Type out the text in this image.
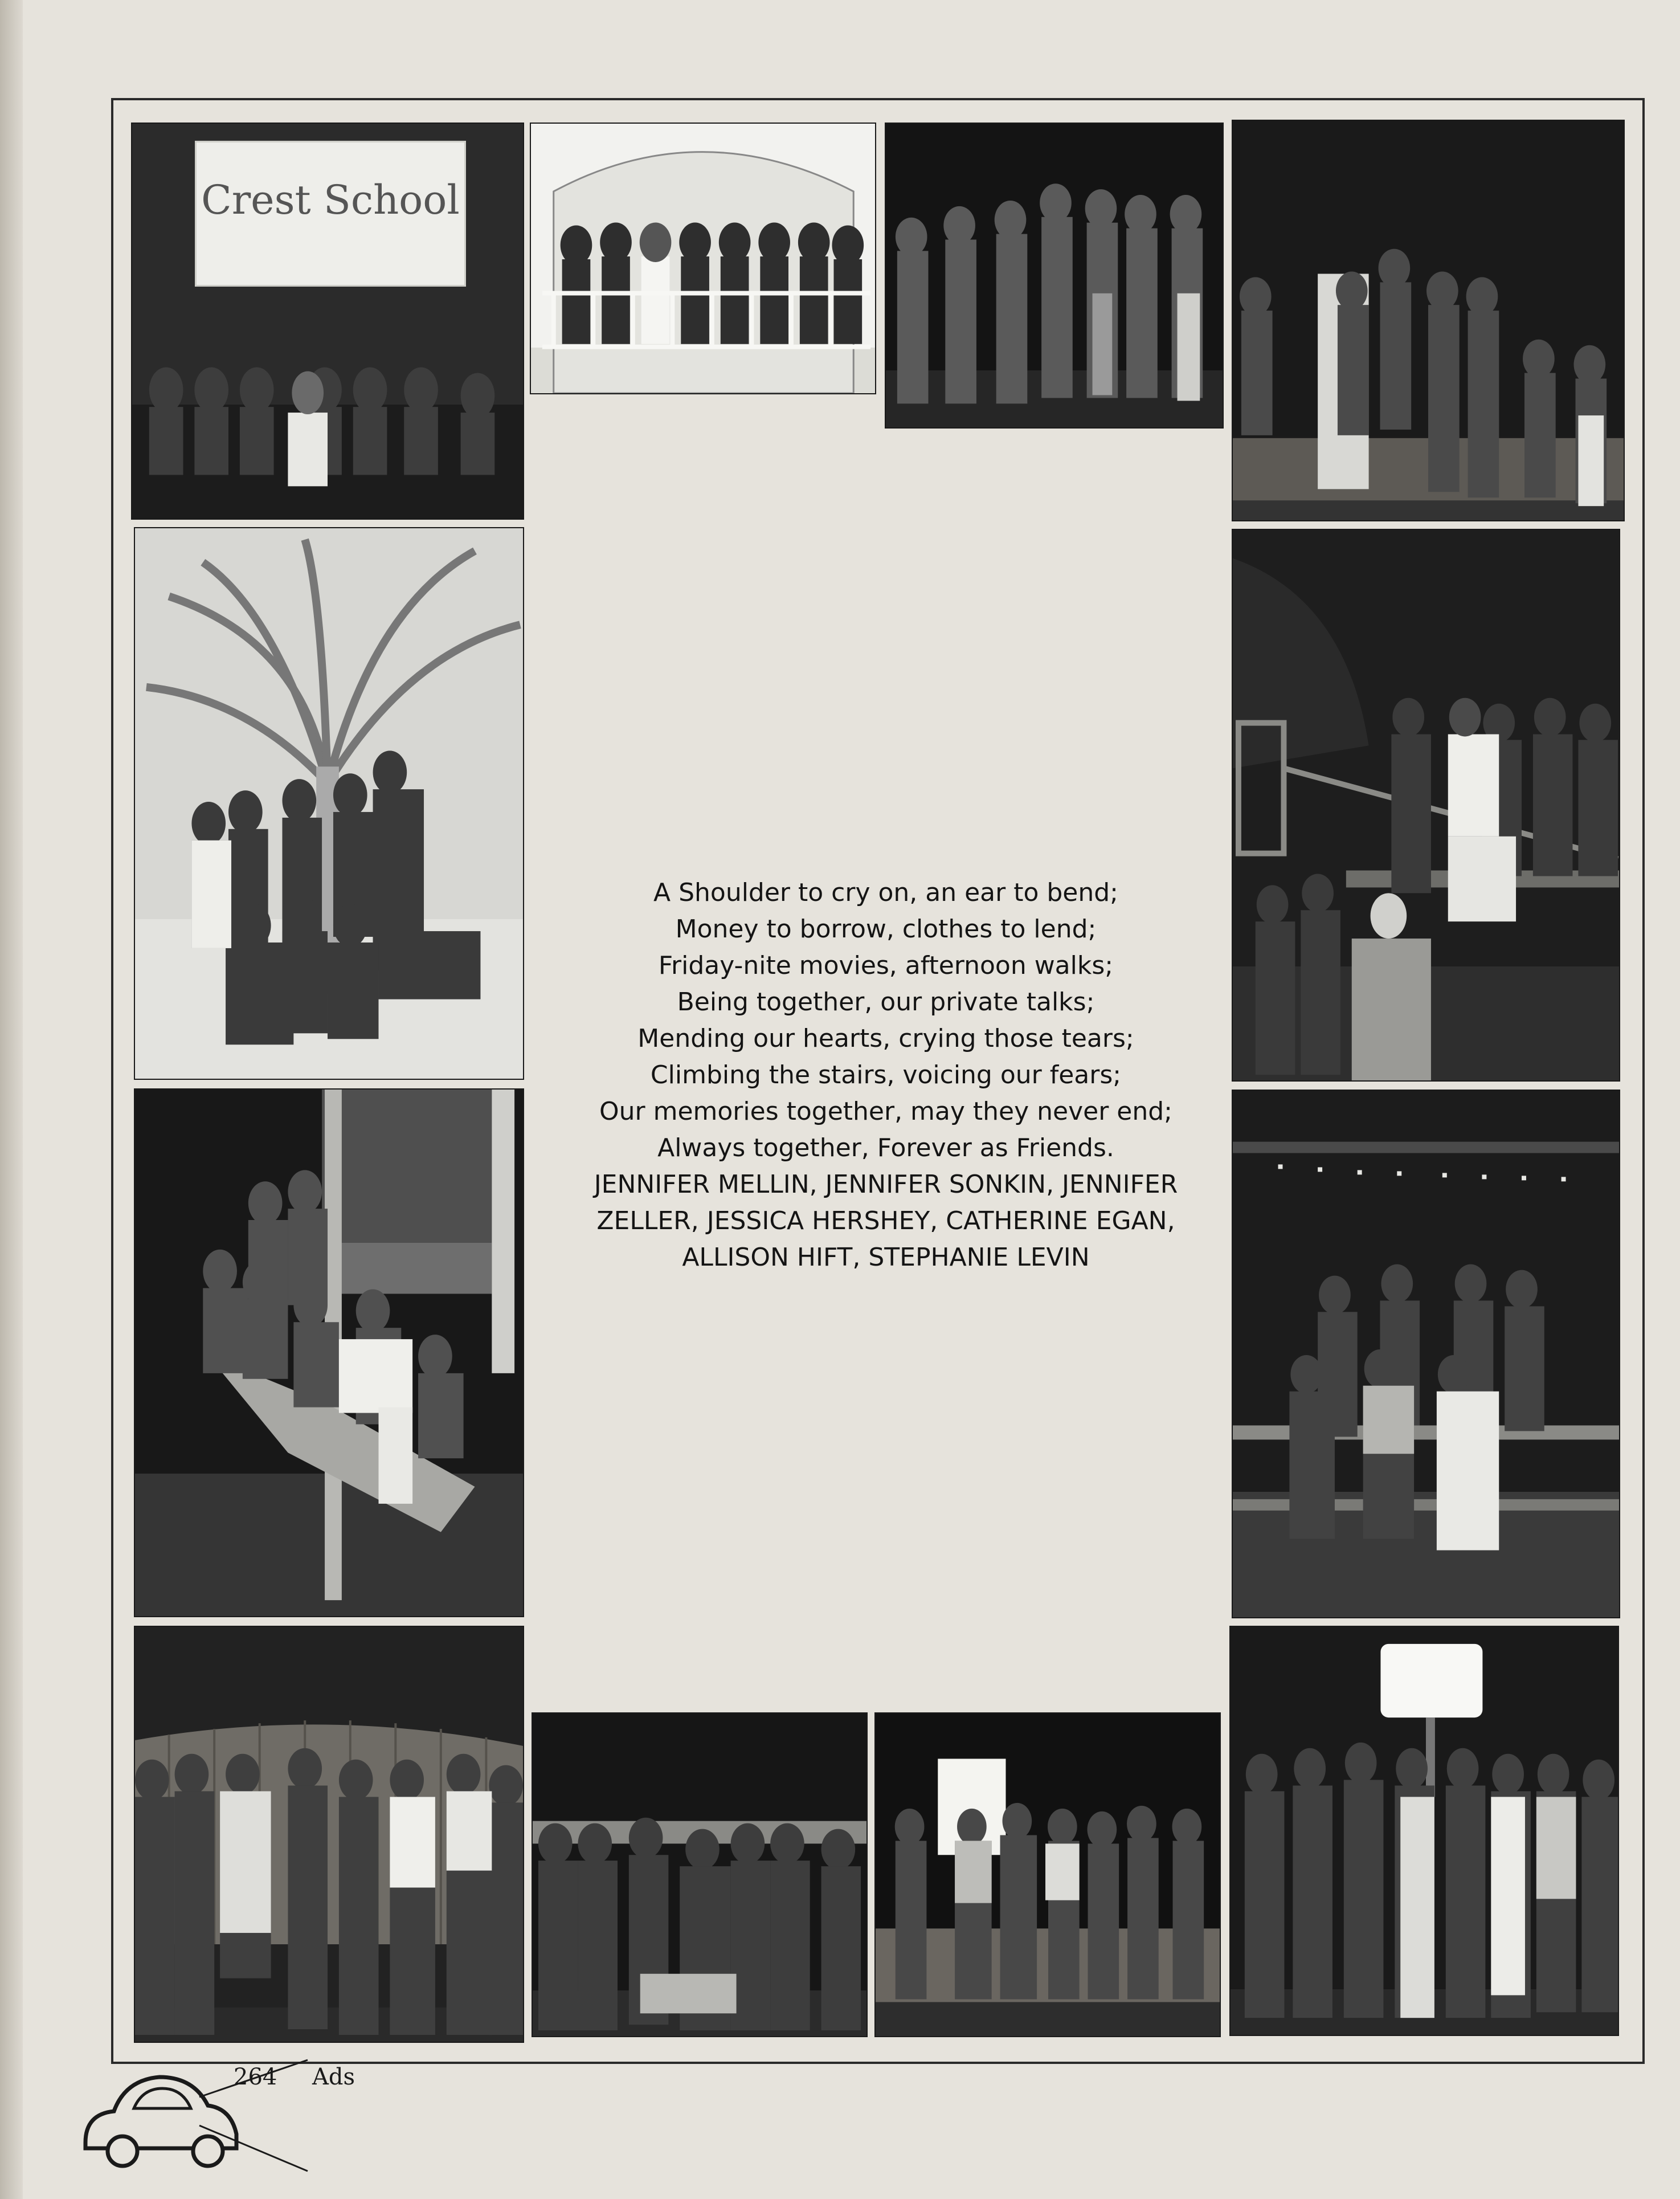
Crest School
A Shoulder to cry on, an ear to bend;
Money to borrow, clothes to lend;
Friday-nite movies, afternoon walks;
Being together, our private talks;
Mending our hearts, crying those tears;
Climbing the stairs, voicing our fears;
Our memories together, may they never end;
Always together, Forever as Friends.
JENNIFER MELLIN, JENNIFER SONKIN, JENNIFER
ZELLER, JESSICA HERSHEY, CATHERINE EGAN,
ALLISON HIFT, STEPHANIE LEVIN
264 Ads
